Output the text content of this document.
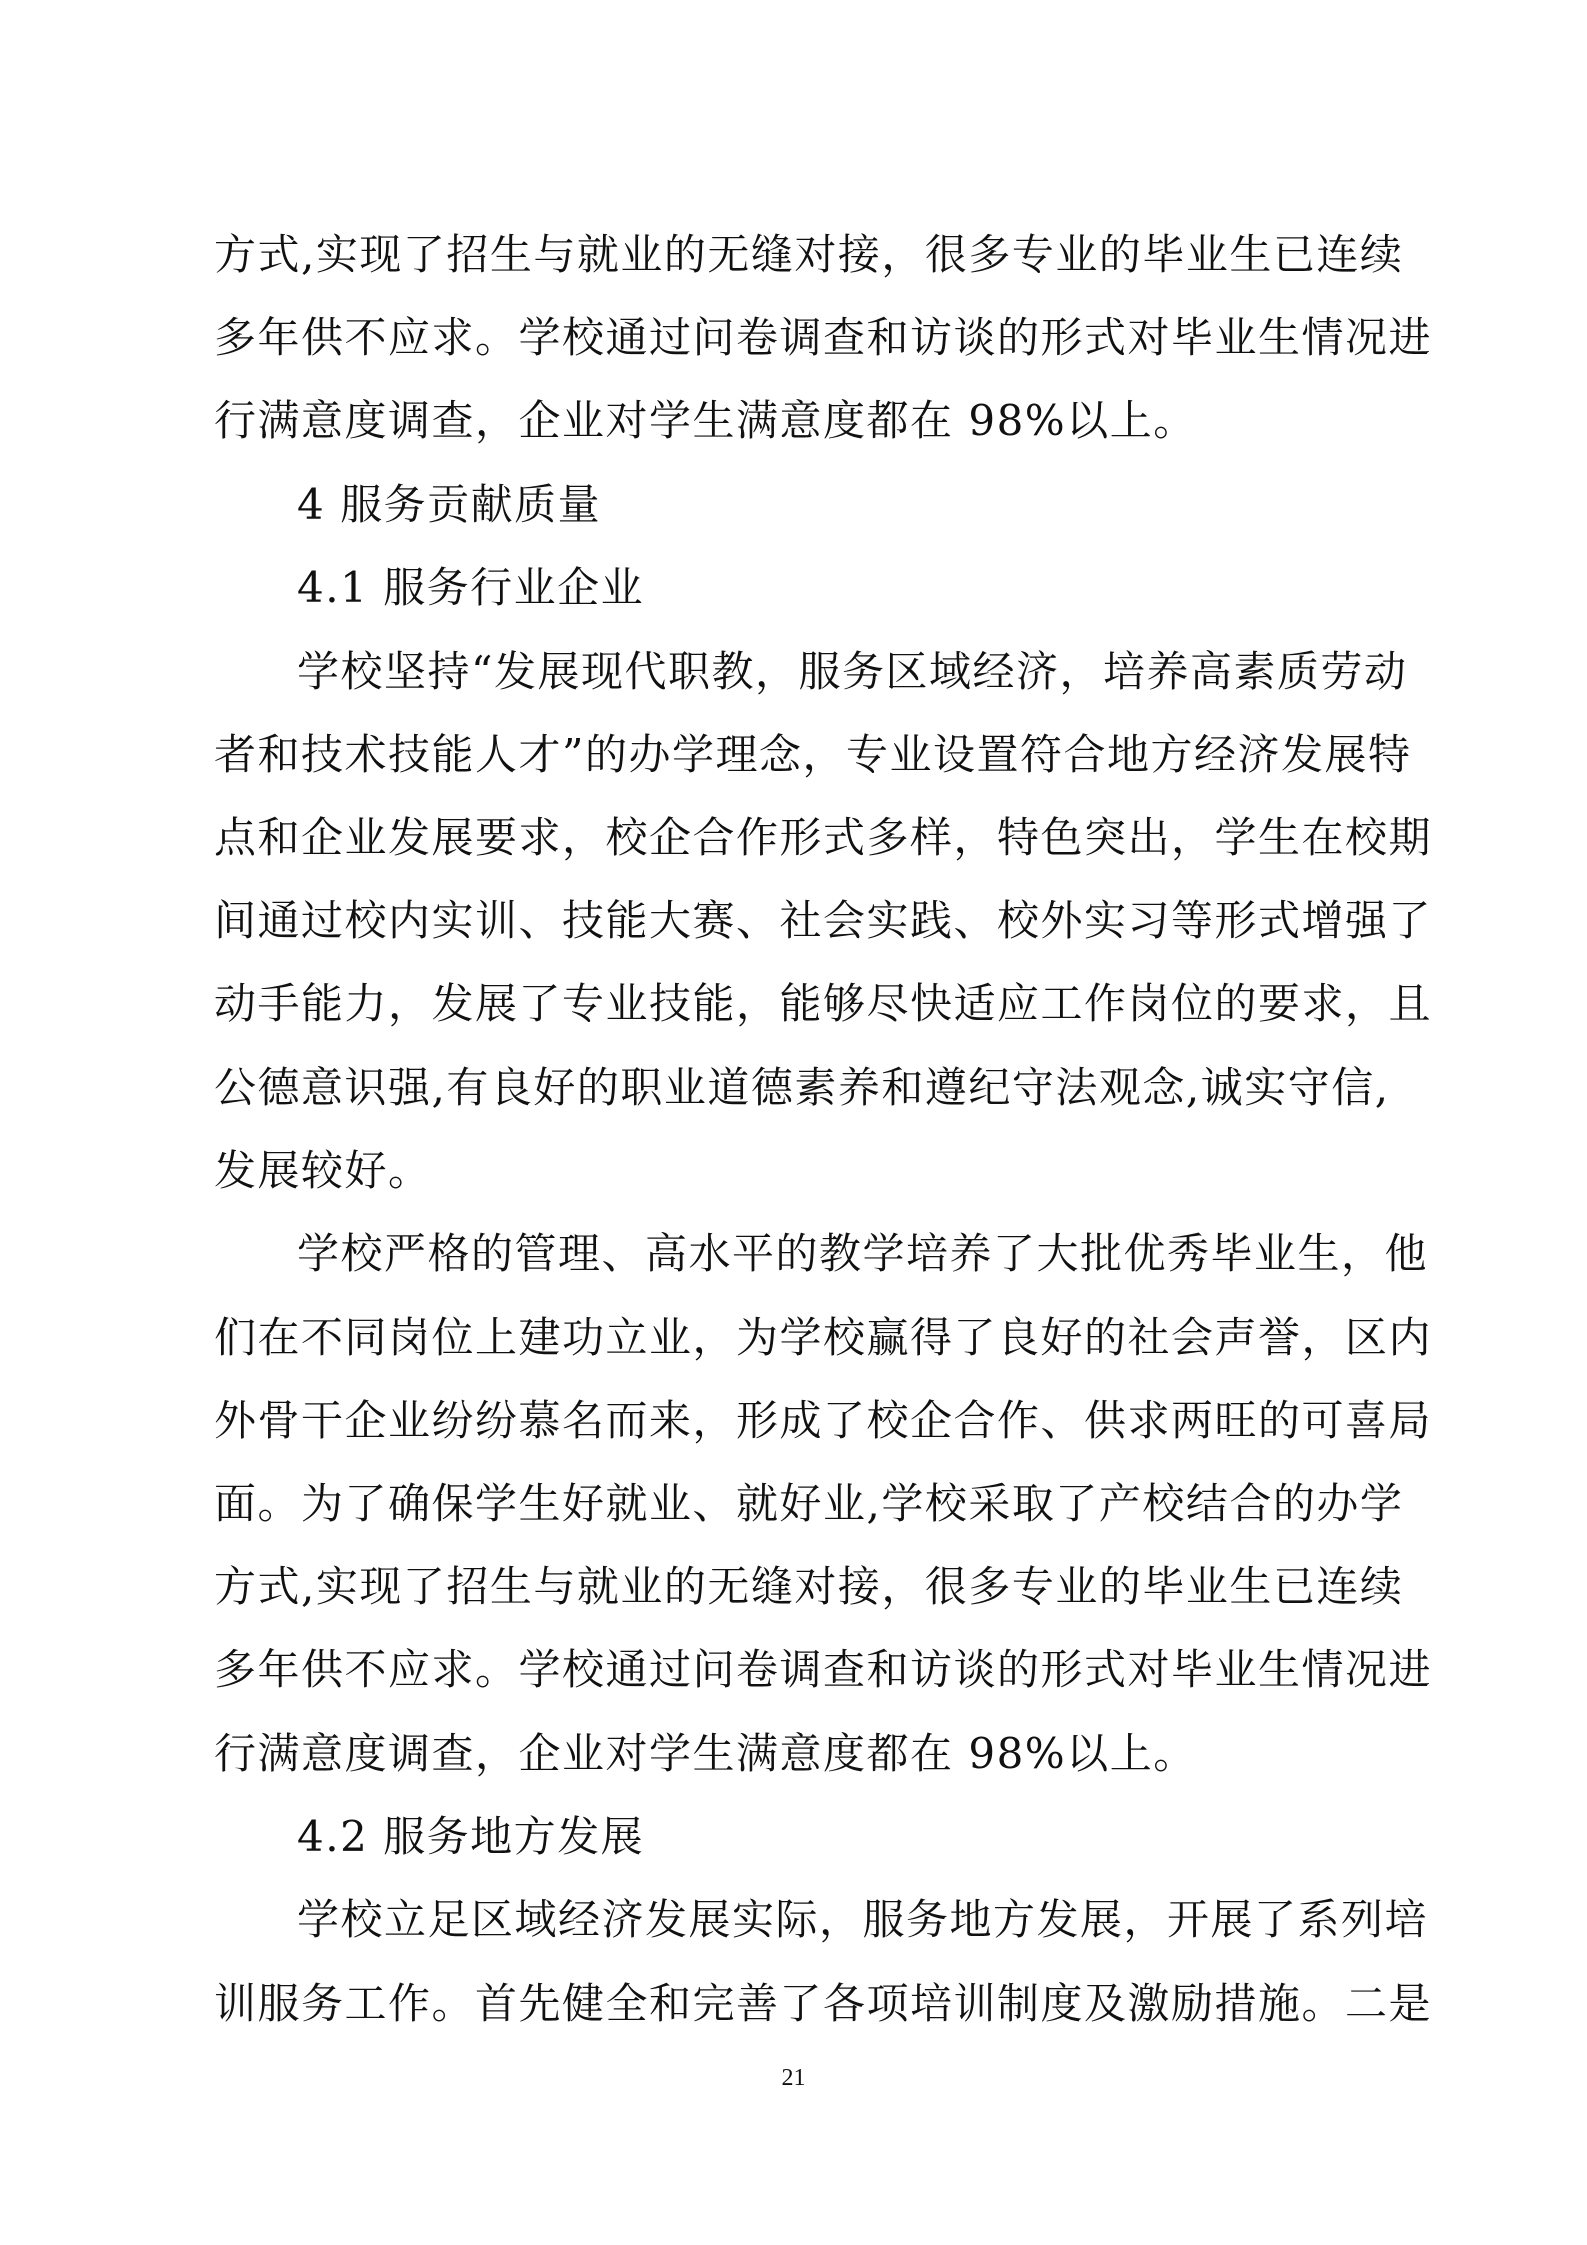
方式,实现了招生与就业的无缝对接，很多专业的毕业生已连续
多年供不应求。学校通过问卷调查和访谈的形式对毕业生情况进
行满意度调查，企业对学生满意度都在 98%以上。
4 服务贡献质量
4.1 服务行业企业
学校坚持“发展现代职教，服务区域经济，培养高素质劳动
者和技术技能人才”的办学理念，专业设置符合地方经济发展特
点和企业发展要求，校企合作形式多样，特色突出，学生在校期
间通过校内实训、技能大赛、社会实践、校外实习等形式增强了
动手能力，发展了专业技能，能够尽快适应工作岗位的要求，且
公德意识强,有良好的职业道德素养和遵纪守法观念,诚实守信,
发展较好。
学校严格的管理、高水平的教学培养了大批优秀毕业生，他
们在不同岗位上建功立业，为学校赢得了良好的社会声誉，区内
外骨干企业纷纷慕名而来，形成了校企合作、供求两旺的可喜局
面。为了确保学生好就业、就好业,学校采取了产校结合的办学
方式,实现了招生与就业的无缝对接，很多专业的毕业生已连续
多年供不应求。学校通过问卷调查和访谈的形式对毕业生情况进
行满意度调查，企业对学生满意度都在 98%以上。
4.2 服务地方发展
学校立足区域经济发展实际，服务地方发展，开展了系列培
训服务工作。首先健全和完善了各项培训制度及激励措施。二是
21
